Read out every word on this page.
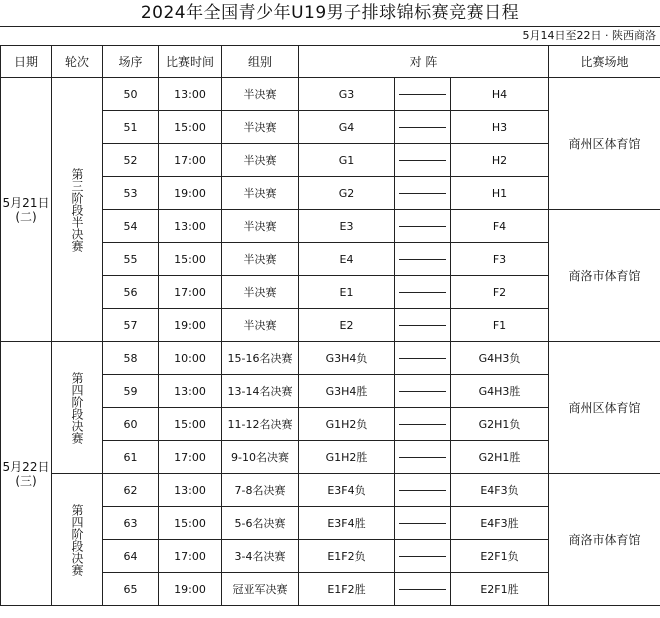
2024年全国青少年U19男子排球锦标赛竞赛日程
5月14日至22日 · 陕西商洛
日期	轮次	场序	比赛时间	组别	对 阵			比赛场地

5月21日
(二)	第三阶段半决赛	50	13:00	半决赛	G3		H4	商州区体育馆
		51	15:00	半决赛	G4		H3	
		52	17:00	半决赛	G1		H2	
		53	19:00	半决赛	G2		H1	
		54	13:00	半决赛	E3		F4	商洛市体育馆
		55	15:00	半决赛	E4		F3	
		56	17:00	半决赛	E1		F2	
		57	19:00	半决赛	E2		F1	

5月22日
(三)	第四阶段决赛	58	10:00	15-16名决赛	G3H4负		G4H3负	商州区体育馆
		59	13:00	13-14名决赛	G3H4胜		G4H3胜	
		60	15:00	11-12名决赛	G1H2负		G2H1负	
		61	17:00	9-10名决赛	G1H2胜		G2H1胜	

	第四阶段决赛	62	13:00	7-8名决赛	E3F4负		E4F3负	商洛市体育馆
		63	15:00	5-6名决赛	E3F4胜		E4F3胜	
		64	17:00	3-4名决赛	E1F2负		E2F1负	
		65	19:00	冠亚军决赛	E1F2胜		E2F1胜	
